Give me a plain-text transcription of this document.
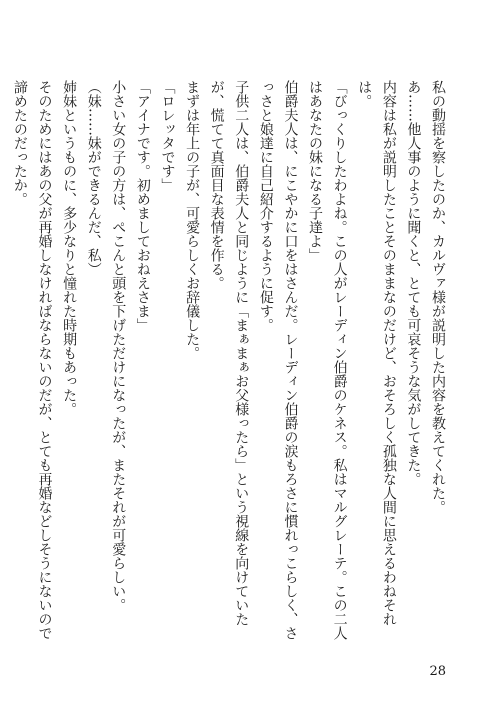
私の動揺を察したのか、カルヴァ様が説明した内容を教えてくれた。

あ……他人事のように聞くと、とても可哀そうな気がしてきた。

内容は私が説明したことそのままなのだけど、おそろしく孤独な人間に思えるわねそれは。

「びっくりしたわよね。この人がレーディン伯爵のケネス。私はマルグレーテ。この二人はあなたの妹になる子達よ」

伯爵夫人は、にこやかに口をはさんだ。レーディン伯爵の涙もろさに慣れっこらしく、さっさと娘達に自己紹介するように促す。

子供二人は、伯爵夫人と同じように「まぁまぁお父様ったら」という視線を向けていたが、慌てて真面目な表情を作る。

まずは年上の子が、可愛らしくお辞儀した。

「ロレッタです」

「アイナです。初めましておねえさま」

小さい女の子の方は、ぺこんと頭を下げただけになったが、またそれが可愛らしい。

（妹……妹ができるんだ、私）

姉妹というものに、多少なりと憧れた時期もあった。

そのためにはあの父が再婚しなければならないのだが、とても再婚などしそうにないので諦めたのだったか。

28
